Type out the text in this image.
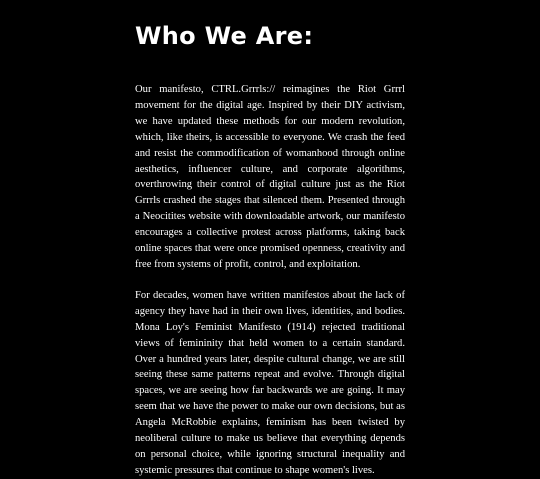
Who We Are:

Our manifesto, CTRL.Grrrls:// reimagines the Riot Grrrl movement for the digital age. Inspired by their DIY activism, we have updated these methods for our modern revolution, which, like theirs, is accessible to everyone. We crash the feed and resist the commodification of womanhood through online aesthetics, influencer culture, and corporate algorithms, overthrowing their control of digital culture just as the Riot Grrrls crashed the stages that silenced them. Presented through a Neocitites website with downloadable artwork, our manifesto encourages a collective protest across platforms, taking back online spaces that were once promised openness, creativity and free from systems of profit, control, and exploitation.

For decades, women have written manifestos about the lack of agency they have had in their own lives, identities, and bodies. Mona Loy's Feminist Manifesto (1914) rejected traditional views of femininity that held women to a certain standard. Over a hundred years later, despite cultural change, we are still seeing these same patterns repeat and evolve. Through digital spaces, we are seeing how far backwards we are going. It may seem that we have the power to make our own decisions, but as Angela McRobbie explains, feminism has been twisted by neoliberal culture to make us believe that everything depends on personal choice, while ignoring structural inequality and systemic pressures that continue to shape women's lives.
